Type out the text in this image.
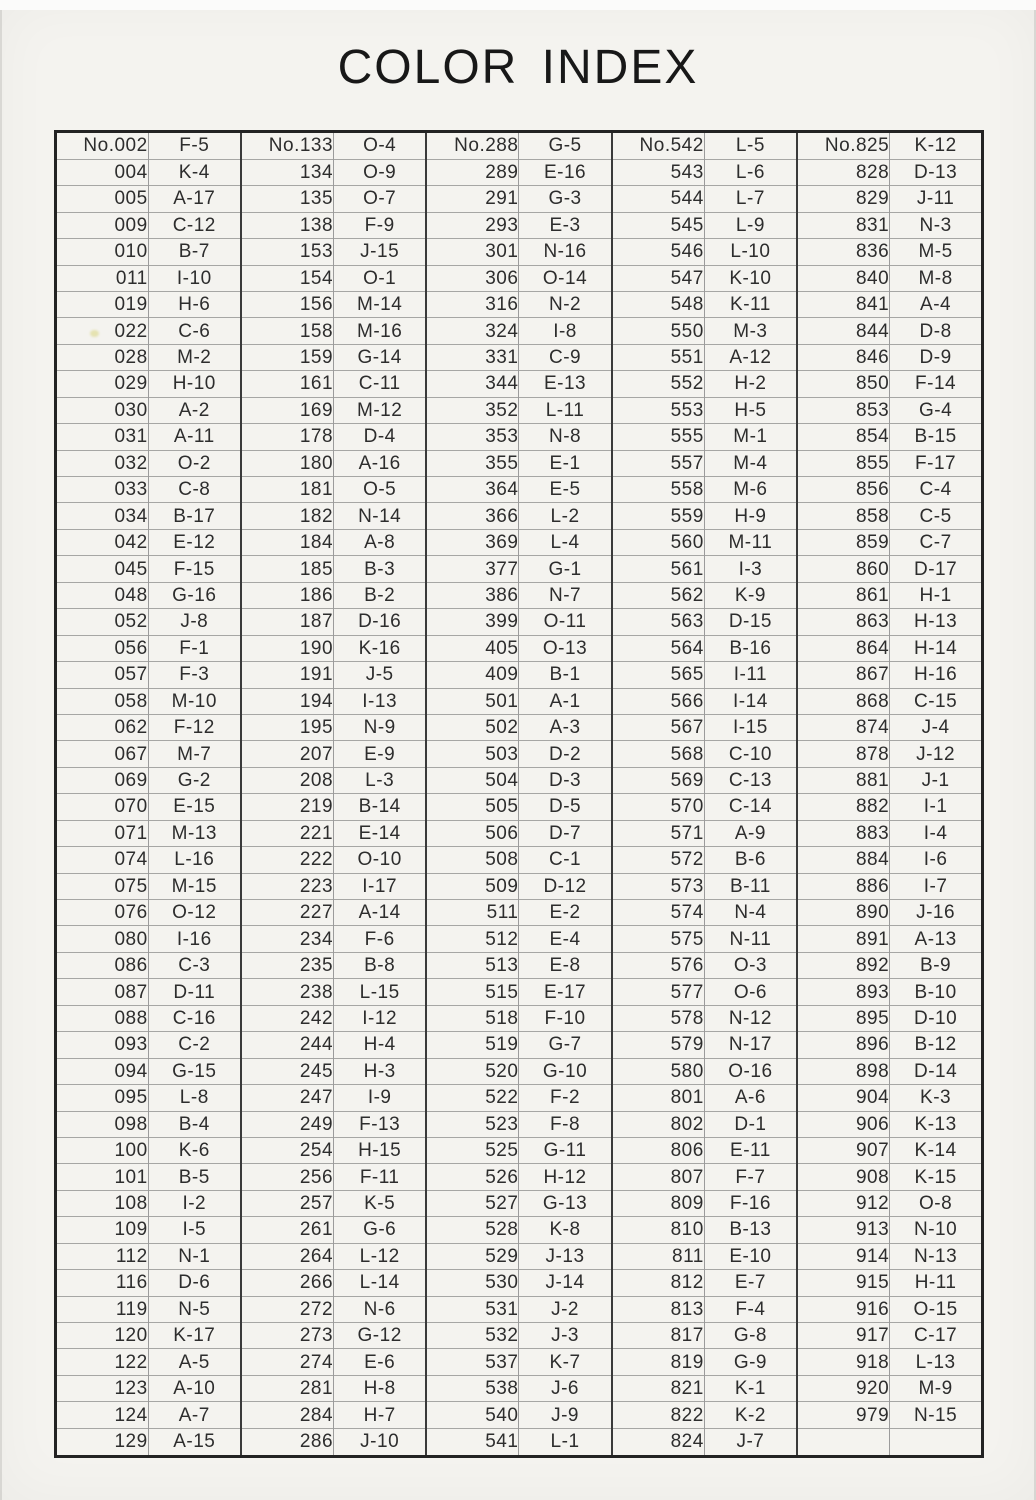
COLOR INDEX
No.002	F-5	No.133	O-4	No.288	G-5	No.542	L-5	No.825	K-12
004	K-4	134	O-9	289	E-16	543	L-6	828	D-13
005	A-17	135	O-7	291	G-3	544	L-7	829	J-11
009	C-12	138	F-9	293	E-3	545	L-9	831	N-3
010	B-7	153	J-15	301	N-16	546	L-10	836	M-5
011	I-10	154	O-1	306	O-14	547	K-10	840	M-8
019	H-6	156	M-14	316	N-2	548	K-11	841	A-4
022	C-6	158	M-16	324	I-8	550	M-3	844	D-8
028	M-2	159	G-14	331	C-9	551	A-12	846	D-9
029	H-10	161	C-11	344	E-13	552	H-2	850	F-14
030	A-2	169	M-12	352	L-11	553	H-5	853	G-4
031	A-11	178	D-4	353	N-8	555	M-1	854	B-15
032	O-2	180	A-16	355	E-1	557	M-4	855	F-17
033	C-8	181	O-5	364	E-5	558	M-6	856	C-4
034	B-17	182	N-14	366	L-2	559	H-9	858	C-5
042	E-12	184	A-8	369	L-4	560	M-11	859	C-7
045	F-15	185	B-3	377	G-1	561	I-3	860	D-17
048	G-16	186	B-2	386	N-7	562	K-9	861	H-1
052	J-8	187	D-16	399	O-11	563	D-15	863	H-13
056	F-1	190	K-16	405	O-13	564	B-16	864	H-14
057	F-3	191	J-5	409	B-1	565	I-11	867	H-16
058	M-10	194	I-13	501	A-1	566	I-14	868	C-15
062	F-12	195	N-9	502	A-3	567	I-15	874	J-4
067	M-7	207	E-9	503	D-2	568	C-10	878	J-12
069	G-2	208	L-3	504	D-3	569	C-13	881	J-1
070	E-15	219	B-14	505	D-5	570	C-14	882	I-1
071	M-13	221	E-14	506	D-7	571	A-9	883	I-4
074	L-16	222	O-10	508	C-1	572	B-6	884	I-6
075	M-15	223	I-17	509	D-12	573	B-11	886	I-7
076	O-12	227	A-14	511	E-2	574	N-4	890	J-16
080	I-16	234	F-6	512	E-4	575	N-11	891	A-13
086	C-3	235	B-8	513	E-8	576	O-3	892	B-9
087	D-11	238	L-15	515	E-17	577	O-6	893	B-10
088	C-16	242	I-12	518	F-10	578	N-12	895	D-10
093	C-2	244	H-4	519	G-7	579	N-17	896	B-12
094	G-15	245	H-3	520	G-10	580	O-16	898	D-14
095	L-8	247	I-9	522	F-2	801	A-6	904	K-3
098	B-4	249	F-13	523	F-8	802	D-1	906	K-13
100	K-6	254	H-15	525	G-11	806	E-11	907	K-14
101	B-5	256	F-11	526	H-12	807	F-7	908	K-15
108	I-2	257	K-5	527	G-13	809	F-16	912	O-8
109	I-5	261	G-6	528	K-8	810	B-13	913	N-10
112	N-1	264	L-12	529	J-13	811	E-10	914	N-13
116	D-6	266	L-14	530	J-14	812	E-7	915	H-11
119	N-5	272	N-6	531	J-2	813	F-4	916	O-15
120	K-17	273	G-12	532	J-3	817	G-8	917	C-17
122	A-5	274	E-6	537	K-7	819	G-9	918	L-13
123	A-10	281	H-8	538	J-6	821	K-1	920	M-9
124	A-7	284	H-7	540	J-9	822	K-2	979	N-15
129	A-15	286	J-10	541	L-1	824	J-7		
